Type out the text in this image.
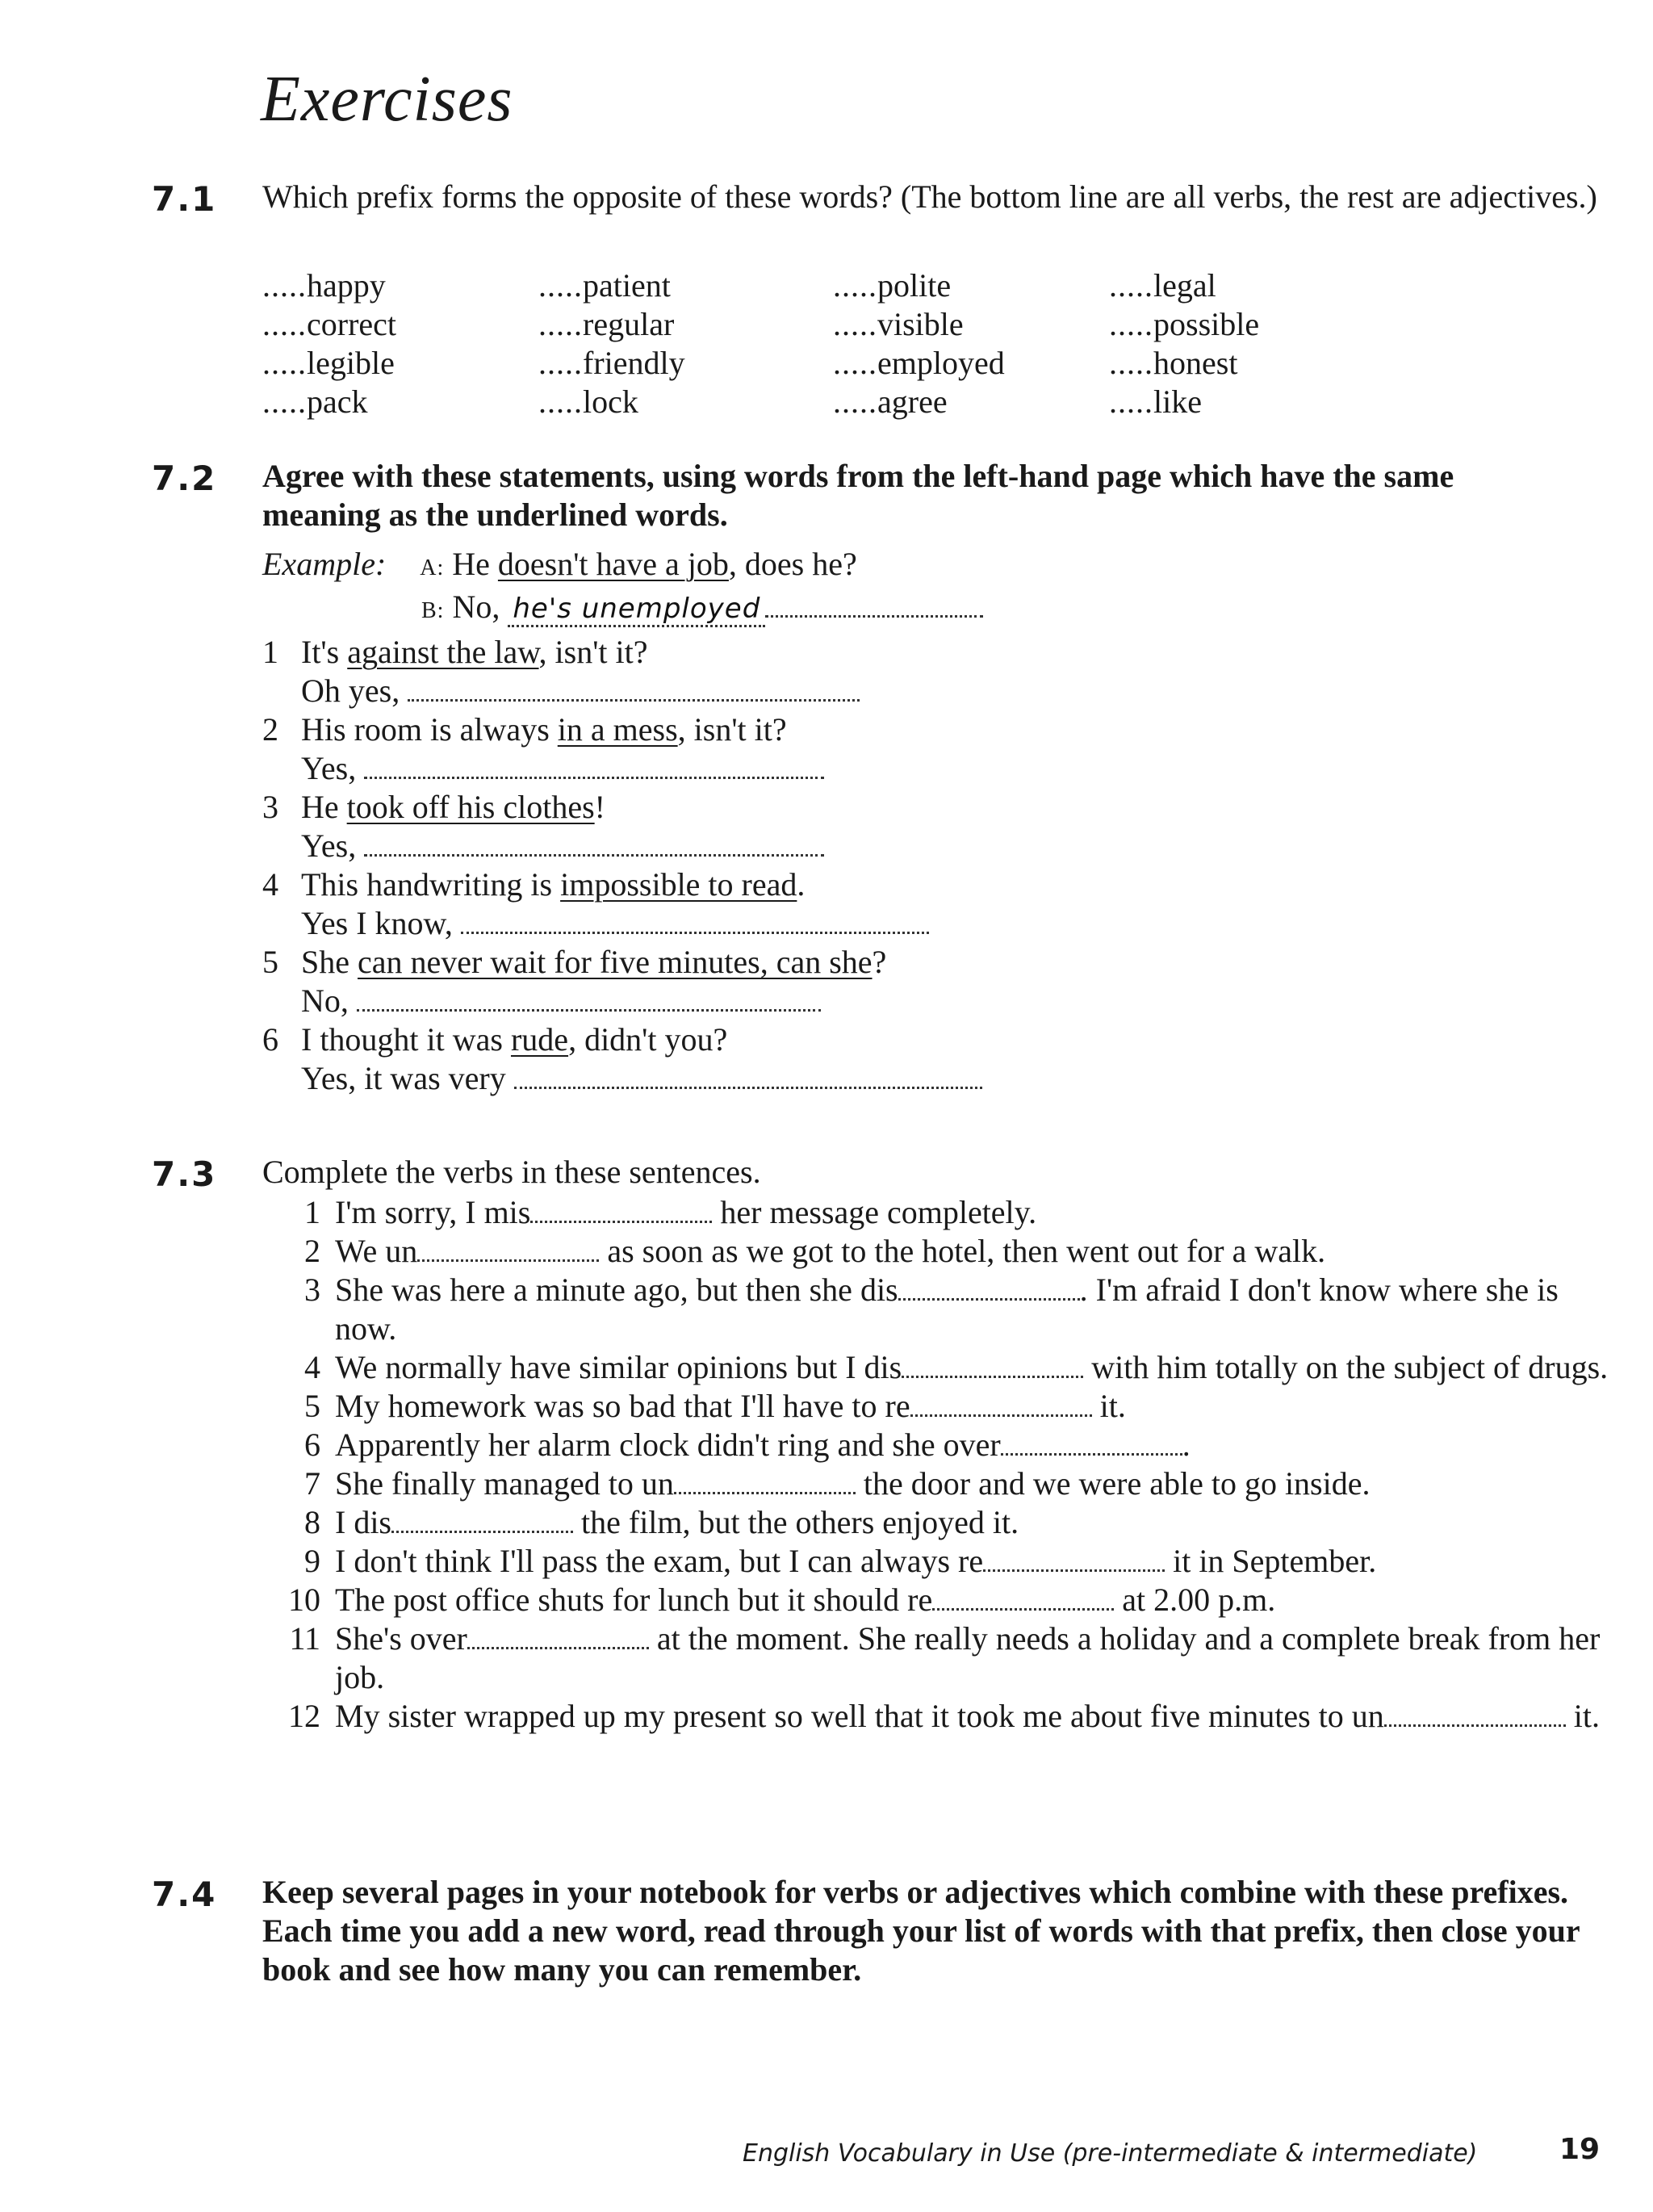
Exercises
7.1 Which prefix forms the opposite of these words? (The bottom line are all verbs, the rest are adjectives.)
.....happy	.....patient	.....polite	.....legal
.....correct	.....regular	.....visible	.....possible
.....legible	.....friendly	.....employed	.....honest
.....pack	.....lock	.....agree	.....like
7.2 Agree with these statements, using words from the left-hand page which have the same meaning as the underlined words.
Example: A: He doesn't have a job, does he?
B: No, he's unemployed
1 It's against the law, isn't it?
Oh yes,
2 His room is always in a mess, isn't it?
Yes,
3 He took off his clothes!
Yes,
4 This handwriting is impossible to read.
Yes I know,
5 She can never wait for five minutes, can she?
No,
6 I thought it was rude, didn't you?
Yes, it was very
7.3 Complete the verbs in these sentences.
1 I'm sorry, I mis	her message completely.
2 We un	as soon as we got to the hotel, then went out for a walk.
3 She was here a minute ago, but then she dis	. I'm afraid I don't know where she is now.
4 We normally have similar opinions but I dis	with him totally on the subject of drugs.
5 My homework was so bad that I'll have to re	it.
6 Apparently her alarm clock didn't ring and she over	.
7 She finally managed to un	the door and we were able to go inside.
8 I dis	the film, but the others enjoyed it.
9 I don't think I'll pass the exam, but I can always re	it in September.
10 The post office shuts for lunch but it should re	at 2.00 p.m.
11 She's over	at the moment. She really needs a holiday and a complete break from her job.
12 My sister wrapped up my present so well that it took me about five minutes to un	it.
7.4 Keep several pages in your notebook for verbs or adjectives which combine with these prefixes. Each time you add a new word, read through your list of words with that prefix, then close your book and see how many you can remember.
English Vocabulary in Use (pre-intermediate & intermediate)	19
